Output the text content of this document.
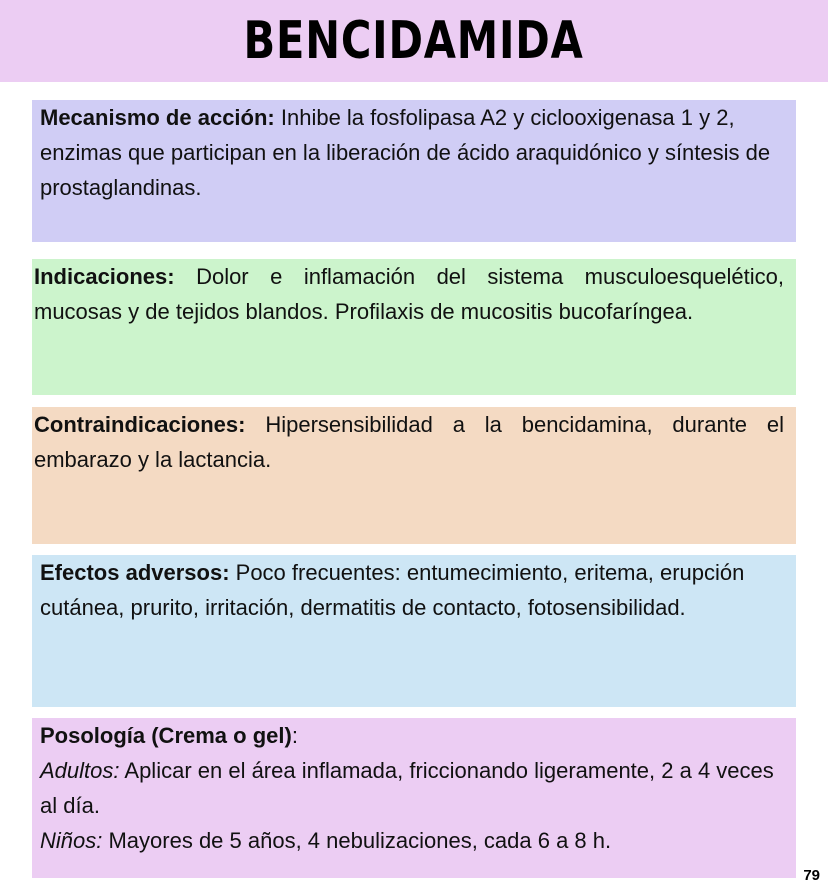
BENCIDAMIDA

Mecanismo de acción: Inhibe la fosfolipasa A2 y ciclooxigenasa 1 y 2, enzimas que participan en la liberación de ácido araquidónico y síntesis de prostaglandinas.

Indicaciones: Dolor e inflamación del sistema musculoesquelético, mucosas y de tejidos blandos. Profilaxis de mucositis bucofaríngea.

Contraindicaciones: Hipersensibilidad a la bencidamina, durante el embarazo y la lactancia.

Efectos adversos: Poco frecuentes: entumecimiento, eritema, erupción cutánea, prurito, irritación, dermatitis de contacto, fotosensibilidad.

Posología (Crema o gel):

Adultos: Aplicar en el área inflamada, friccionando ligeramente, 2 a 4 veces al día.

Niños: Mayores de 5 años, 4 nebulizaciones, cada 6 a 8 h.

79
